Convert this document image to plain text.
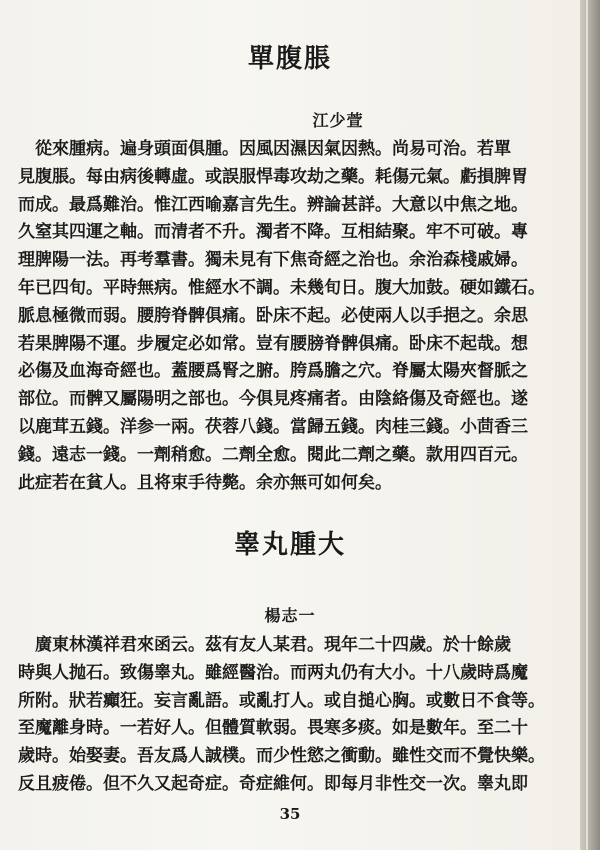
單腹脹
江少萱
　從來腫病。遍身頭面俱腫。因風因濕因氣因熱。尚易可治。若單
見腹脹。每由病後轉虛。或誤服悍毒攻劫之藥。耗傷元氣。虧損脾胃
而成。最爲難治。惟江西喻嘉言先生。辨論甚詳。大意以中焦之地。
久窒其四運之軸。而清者不升。濁者不降。互相結聚。牢不可破。專
理脾陽一法。再考羣書。獨未見有下焦奇經之治也。余治森棧戚婦。
年已四旬。平時無病。惟經水不調。未幾旬日。腹大加鼓。硬如鐵石。
脈息極微而弱。腰胯脊髀俱痛。卧床不起。必使兩人以手挹之。余思
若果脾陽不運。步履定必如常。豈有腰膀脊髀俱痛。卧床不起哉。想
必傷及血海奇經也。蓋腰爲腎之腑。胯爲膽之穴。脊屬太陽夾督脈之
部位。而髀又屬陽明之部也。今俱見疼痛者。由陰絡傷及奇經也。遂
以鹿茸五錢。洋参一兩。茯蓉八錢。當歸五錢。肉桂三錢。小茴香三
錢。遠志一錢。一劑稍愈。二劑全愈。閱此二劑之藥。款用四百元。
此症若在貧人。且将束手待斃。余亦無可如何矣。
睾丸腫大
楊志一
　廣東林漢祥君來函云。茲有友人某君。現年二十四歲。於十餘歲
時與人抛石。致傷睾丸。雖經醫治。而两丸仍有大小。十八歲時爲魔
所附。狀若癲狂。妄言亂語。或亂打人。或自搥心胸。或數日不食等。
至魔離身時。一若好人。但體質軟弱。畏寒多痰。如是數年。至二十
歲時。始娶妻。吾友爲人誠樸。而少性慾之衝動。雖性交而不覺快樂。
反且疲倦。但不久又起奇症。奇症維何。即每月非性交一次。睾丸即
35
